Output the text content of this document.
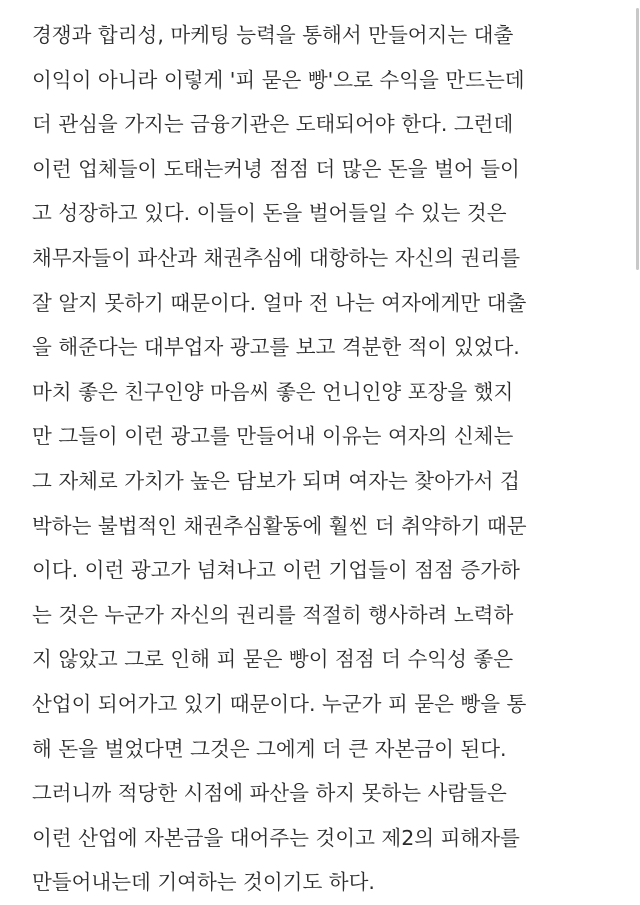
경쟁과 합리성, 마케팅 능력을 통해서 만들어지는 대출
이익이 아니라 이렇게 '피 묻은 빵'으로 수익을 만드는데
더 관심을 가지는 금융기관은 도태되어야 한다. 그런데
이런 업체들이 도태는커녕 점점 더 많은 돈을 벌어 들이
고 성장하고 있다. 이들이 돈을 벌어들일 수 있는 것은
채무자들이 파산과 채권추심에 대항하는 자신의 권리를
잘 알지 못하기 때문이다. 얼마 전 나는 여자에게만 대출
을 해준다는 대부업자 광고를 보고 격분한 적이 있었다.
마치 좋은 친구인양 마음씨 좋은 언니인양 포장을 했지
만 그들이 이런 광고를 만들어내 이유는 여자의 신체는
그 자체로 가치가 높은 담보가 되며 여자는 찾아가서 겁
박하는 불법적인 채권추심활동에 훨씬 더 취약하기 때문
이다. 이런 광고가 넘쳐나고 이런 기업들이 점점 증가하
는 것은 누군가 자신의 권리를 적절히 행사하려 노력하
지 않았고 그로 인해 피 묻은 빵이 점점 더 수익성 좋은
산업이 되어가고 있기 때문이다. 누군가 피 묻은 빵을 통
해 돈을 벌었다면 그것은 그에게 더 큰 자본금이 된다.
그러니까 적당한 시점에 파산을 하지 못하는 사람들은
이런 산업에 자본금을 대어주는 것이고 제2의 피해자를
만들어내는데 기여하는 것이기도 하다.
